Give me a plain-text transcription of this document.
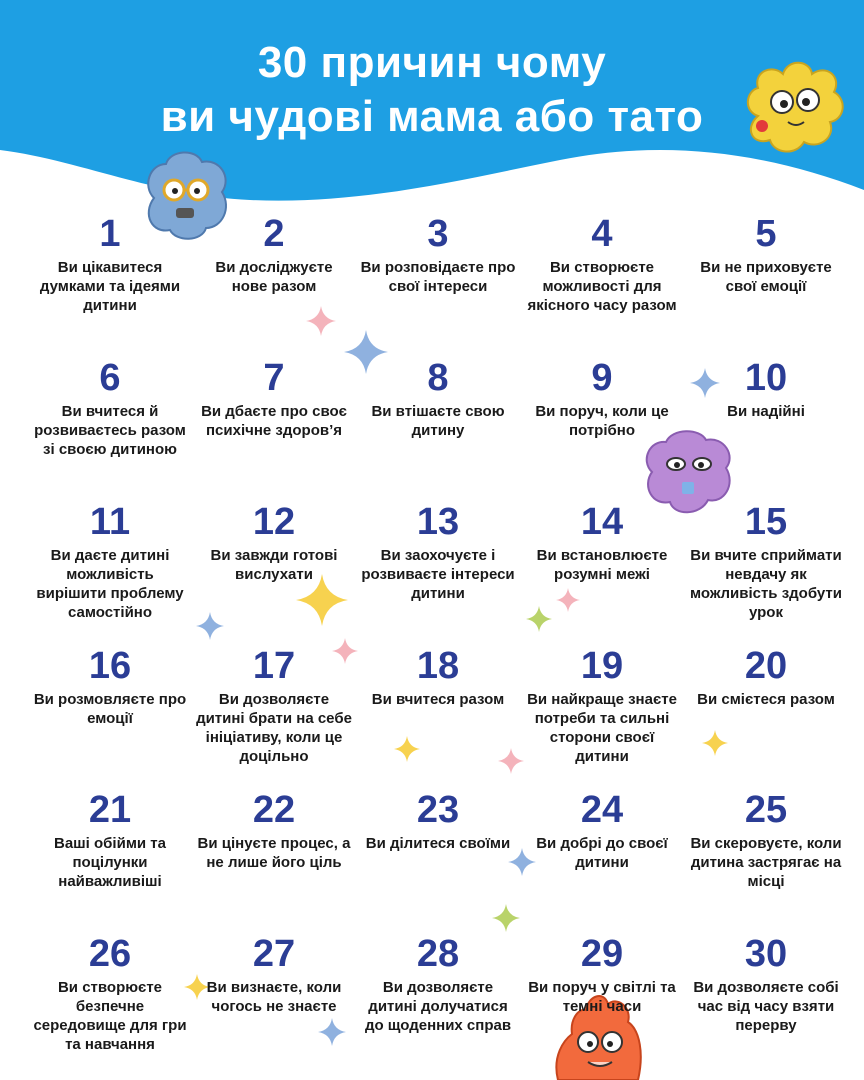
30 причин чому
ви чудові мама або тато
1
Ви цікавитеся думками та ідеями дитини
2
Ви досліджуєте нове разом
3
Ви розповідаєте про свої інтереси
4
Ви створюєте можливості для якісного часу разом
5
Ви не приховуєте свої емоції
6
Ви вчитеся й розвиваєтесь разом зі своєю дитиною
7
Ви дбаєте про своє психічне здоров’я
8
Ви втішаєте свою дитину
9
Ви поруч, коли це потрібно
10
Ви надійні
11
Ви даєте дитині можливість вирішити проблему самостійно
12
Ви завжди готові вислухати
13
Ви заохочуєте і розвиваєте інтереси дитини
14
Ви встановлюєте розумні межі
15
Ви вчите сприймати невдачу як можливість здобути урок
16
Ви розмовляєте про емоції
17
Ви дозволяєте дитині брати на себе ініціативу, коли це доцільно
18
Ви вчитеся разом
19
Ви найкраще знаєте потреби та сильні сторони своєї дитини
20
Ви смієтеся разом
21
Ваші обійми та поцілунки найважливіші
22
Ви цінуєте процес, а не лише його ціль
23
Ви ділитеся своїми
24
Ви добрі до своєї дитини
25
Ви скеровуєте, коли дитина застрягає на місці
26
Ви створюєте безпечне середовище для гри та навчання
27
Ви визнаєте, коли чогось не знаєте
28
Ви дозволяєте дитині долучатися до щоденних справ
29
Ви поруч у світлі та темні часи
30
Ви дозволяєте собі час від часу взяти перерву
